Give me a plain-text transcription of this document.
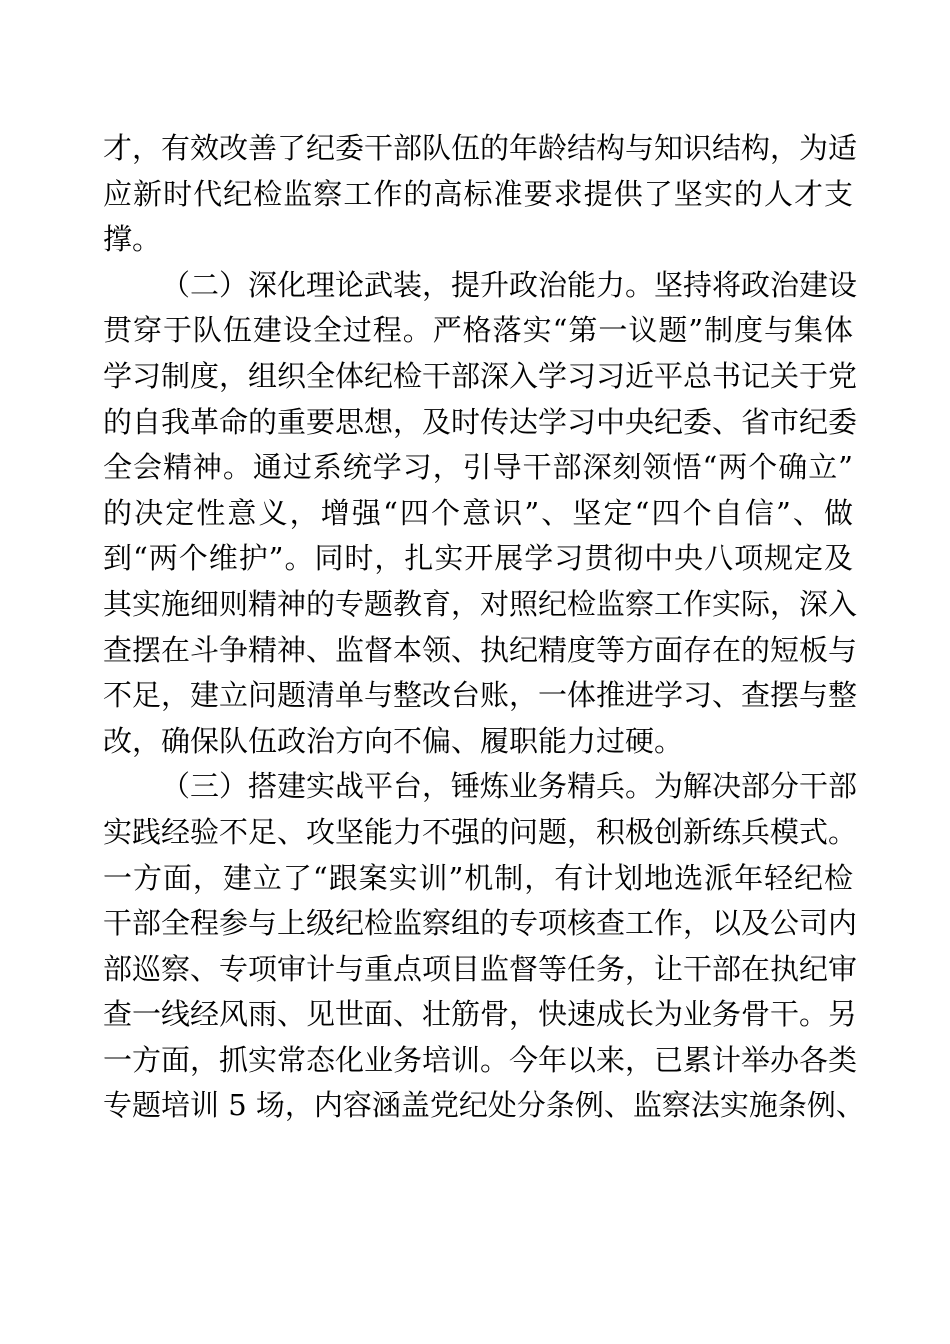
才，有效改善了纪委干部队伍的年龄结构与知识结构，为适
应新时代纪检监察工作的高标准要求提供了坚实的人才支
撑。
（二）深化理论武装，提升政治能力。坚持将政治建设
贯穿于队伍建设全过程。严格落实“第一议题”制度与集体
学习制度，组织全体纪检干部深入学习习近平总书记关于党
的自我革命的重要思想，及时传达学习中央纪委、省市纪委
全会精神。通过系统学习，引导干部深刻领悟“两个确立”
的决定性意义，增强“四个意识”、坚定“四个自信”、做
到“两个维护”。同时，扎实开展学习贯彻中央八项规定及
其实施细则精神的专题教育，对照纪检监察工作实际，深入
查摆在斗争精神、监督本领、执纪精度等方面存在的短板与
不足，建立问题清单与整改台账，一体推进学习、查摆与整
改，确保队伍政治方向不偏、履职能力过硬。
（三）搭建实战平台，锤炼业务精兵。为解决部分干部
实践经验不足、攻坚能力不强的问题，积极创新练兵模式。
一方面，建立了“跟案实训”机制，有计划地选派年轻纪检
干部全程参与上级纪检监察组的专项核查工作，以及公司内
部巡察、专项审计与重点项目监督等任务，让干部在执纪审
查一线经风雨、见世面、壮筋骨，快速成长为业务骨干。另
一方面，抓实常态化业务培训。今年以来，已累计举办各类
专题培训 5 场，内容涵盖党纪处分条例、监察法实施条例、
